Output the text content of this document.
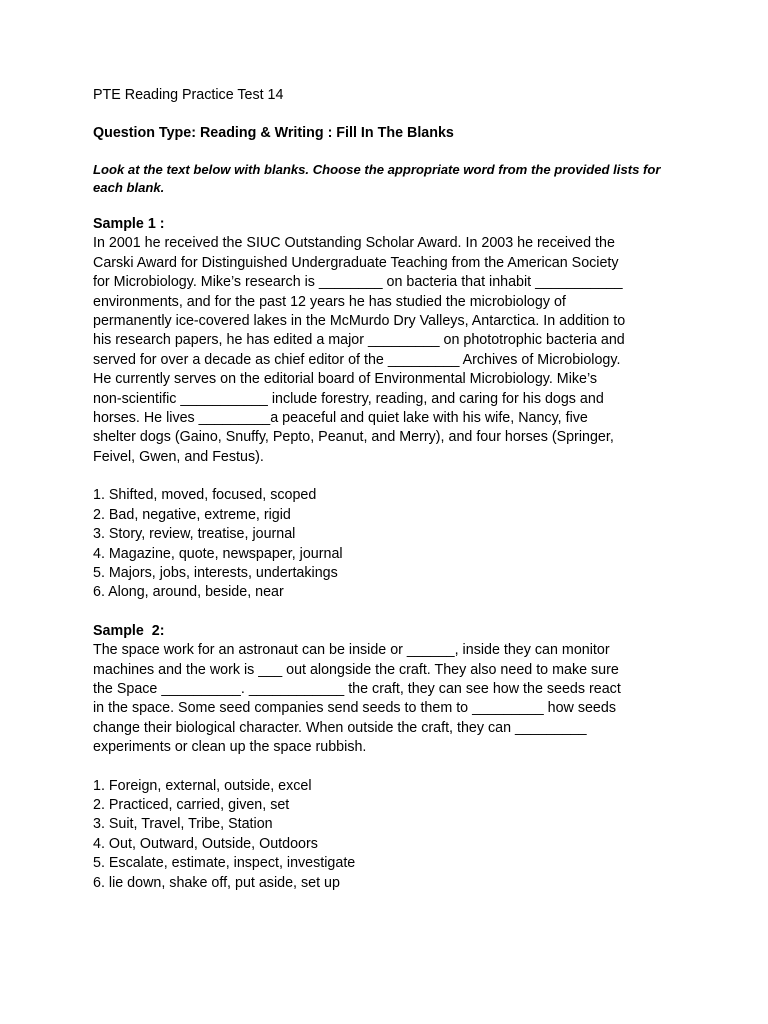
PTE Reading Practice Test 14
Question Type: Reading & Writing : Fill In The Blanks

Look at the text below with blanks. Choose the appropriate word from the provided lists for each blank.

Sample 1 :

In 2001 he received the SIUC Outstanding Scholar Award. In 2003 he received the
Carski Award for Distinguished Undergraduate Teaching from the American Society
for Microbiology. Mike’s research is ________ on bacteria that inhabit ___________
environments, and for the past 12 years he has studied the microbiology of
permanently ice-covered lakes in the McMurdo Dry Valleys, Antarctica. In addition to
his research papers, he has edited a major _________ on phototrophic bacteria and
served for over a decade as chief editor of the _________ Archives of Microbiology.
He currently serves on the editorial board of Environmental Microbiology. Mike’s
non-scientific ___________ include forestry, reading, and caring for his dogs and
horses. He lives _________a peaceful and quiet lake with his wife, Nancy, five
shelter dogs (Gaino, Snuffy, Pepto, Peanut, and Merry), and four horses (Springer,
Feivel, Gwen, and Festus).

1. Shifted, moved, focused, scoped
2. Bad, negative, extreme, rigid
3. Story, review, treatise, journal
4. Magazine, quote, newspaper, journal
5. Majors, jobs, interests, undertakings
6. Along, around, beside, near

Sample  2:

The space work for an astronaut can be inside or ______, inside they can monitor
machines and the work is ___ out alongside the craft. They also need to make sure
the Space __________. ____________ the craft, they can see how the seeds react
in the space. Some seed companies send seeds to them to _________ how seeds
change their biological character. When outside the craft, they can _________
experiments or clean up the space rubbish.

1. Foreign, external, outside, excel
2. Practiced, carried, given, set
3. Suit, Travel, Tribe, Station
4. Out, Outward, Outside, Outdoors
5. Escalate, estimate, inspect, investigate
6. lie down, shake off, put aside, set up
